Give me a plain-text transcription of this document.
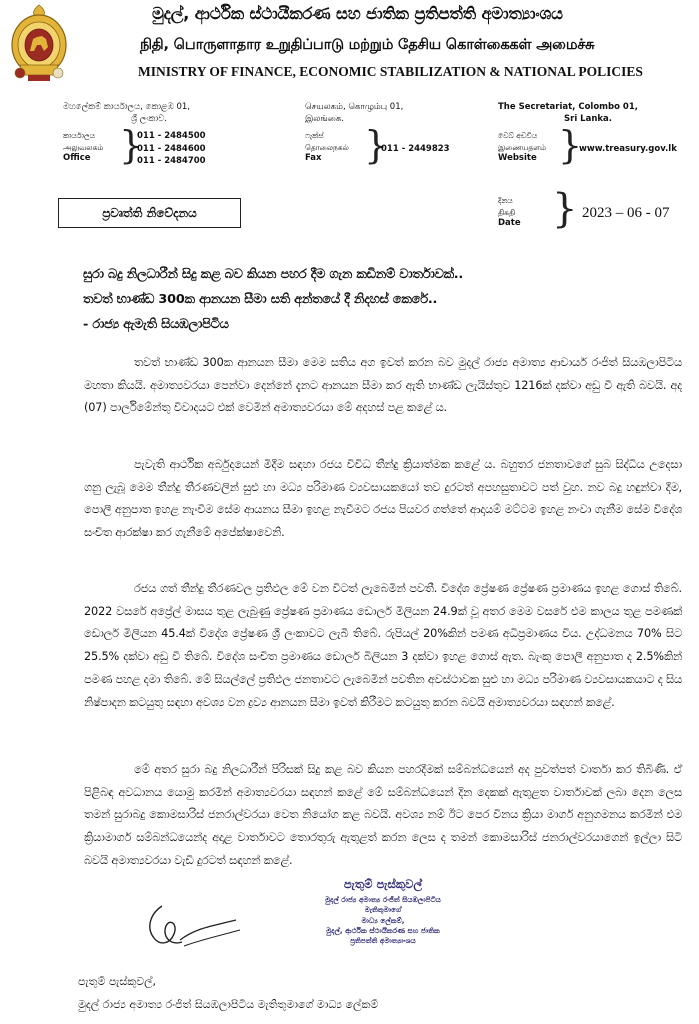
මුදල්, ආර්ථික ස්ථායීකරණ සහ ජාතික ප්‍රතිපත්ති අමාත්‍යාංශය
நிதி, பொருளாதார உறுதிப்பாடு மற்றும் தேசிய கொள்கைகள் அமைச்சு
MINISTRY OF FINANCE, ECONOMIC STABILIZATION & NATIONAL POLICIES
මහලේකම් කාර්යාලය, කොළඹ 01,
ශ්‍රී ලංකාව.
செயலகம், கொழும்பு 01,
இலங்கை.
The Secretariat, Colombo 01,
Sri Lanka.
කාර්යාලය
அலுவலகம்
Office }
011 - 2484500
011 - 2484600
011 - 2484700
ෆැක්ස්
தொலைநகல்
Fax	}
011 - 2449823
වෙබ් අඩවිය
இணையதளம்
Website }
www.treasury.gov.lk
ප්‍රවෘත්ති නිවේදනය
දිනය
திகதி
Date } 2023 – 06 - 07
සුරා බදු නිලධාරීන් සිදු කළ බව කියන පහර දීම ගැන කඩිනම් වාර්තාවක්..
තවත් භාණ්ඩ 300ක ආනයන සීමා සති අන්තයේ දී නිදහස් කෙරේ..
- රාජ්‍ය ඇමැති සියඹලාපිටිය
තවත් භාණ්ඩ 300ක ආනයන සීමා මෙම සතිය අග ඉවත් කරන බව මුදල් රාජ්‍ය අමාත්‍ය ආචාර්ය රංජිත් සියඹලාපිටිය මහතා කියයි. අමාත්‍යවරයා පෙන්වා දෙන්නේ දැනට ආනයන සීමා කර ඇති භාණ්ඩ ලැයිස්තුව 1216ක් දක්වා අඩු වී ඇති බවයි. අද (07) පාර්ලිමේන්තු විවාදයට එක් වෙමින් අමාත්‍යවරයා මේ අදහස් පළ කළේ ය.
පැවැති ආර්ථික අර්බුදයෙන් මිදීම සඳහා රජය විවිධ තීන්දු ක්‍රියාත්මක කළේ ය. බහුතර ජනතාවගේ සුබ සිද්ධිය උදෙසා ගනු ලැබූ මෙම තීන්දු තීරණවලින් සුළු හා මධ්‍ය පරිමාණ ව්‍යවසායකයෝ තව දුරටත් අපහසුතාවට පත් වුහ. නව බදු හඳුන්වා දීම, පොලී අනුපාත ඉහළ නැංවීම සේම ආයනය සීමා ඉහළ නැවීමට රජය පියවර ගත්තේ ආදායම් මට්ටම ඉහළ නංවා ගැනීම සේම විදේශ සංචිත ආරක්ෂා කර ගැනීමේ අපේක්ෂාවෙනි.
රජය ගත් තීන්දු තීරණවල ප්‍රතිඵල මේ වන විටත් ලැබෙමින් පවතී. විදේශ ප්‍රේෂණ ප්‍රේෂණ ප්‍රමාණය ඉහළ ගොස් තිබේ. 2022 වසරේ අප්‍රේල් මාසය තුළ ලැබුණු ප්‍රේෂණ ප්‍රමාණය ඩොලර් මිලියන 24.9ක් වූ අතර මෙම වසරේ එම කාලය තුළ පමණක් ඩොලර් මිලියන 45.4ක් විදේශ ප්‍රේෂණ ශ්‍රී ලංකාවට ලැබී තිබේ. රුපියල් 20%කින් පමණ අධිප්‍රමාණය විය. උද්ධමනය 70% සිට 25.5% දක්වා අඩු වී තිබේ. විදේශ සංචිත ප්‍රමාණය ඩොලර් බිලියන 3 දක්වා ඉහළ ගොස් ඇත. බැංකු පොලී අනුපාත ද 2.5%කින් පමණ පහළ දමා තිබේ. මේ සියල්ලේ ප්‍රතිඵල ජනතාවට ලැබෙමින් පවතින අවස්ථාවක සුළු හා මධ්‍ය පරිමාණ ව්‍යවසායකයාට ද සිය නිෂ්පාදන කටයුතු සඳහා අවශ්‍ය වන ද්‍රව්‍ය ආනයන සීමා ඉවත් කිරීමට කටයුතු කරන බවයි අමාත්‍යවරයා සඳහන් කළේ.
මේ අතර සුරා බදු නිලධාරීන් පිරිසක් සිදු කළ බව කියන පහරදීමක් සම්බන්ධයෙන් අද පුවත්පත් වාර්තා කර තිබිණි. ඒ පිළිබඳ අවධානය යොමු කරමින් අමාත්‍යවරයා සඳහන් කළේ මේ සම්බන්ධයෙන් දින දෙකක් ඇතුළත වාර්තාවක් ලබා දෙන ලෙස තමන් සුරාබදු කොමසාරිස් ජනරාල්වරයා වෙත නියෝග කළ බවයි. අවශ්‍ය නම් ඊට පෙර විනය ක්‍රියා මාර්ග අනුගමනය කරමින් එම ක්‍රියාමාර්ග සම්බන්ධයෙන්ද අදාළ වාර්තාවට තොරතුරු ඇතුළත් කරන ලෙස ද තමන් කොමසාරිස් ජනරාල්වරයාගෙන් ඉල්ලා සිටි බවයි අමාත්‍යවරයා වැඩි දුරටත් සඳහන් කළේ.
පැතුම් පැස්කුවල්
මුදල් රාජ්‍ය අමාත්‍ය රංජිත් සියඹලාපිටිය
මැතිතුමාගේ
මාධ්‍ය ලේකම්,
මුදල්, ආර්ථික ස්ථායීකරණ සහ ජාතික
ප්‍රතිපත්ති අමාත්‍යාංශය
පැතුම් පැස්කුවල්,
මුදල් රාජ්‍ය අමාත්‍ය රංජිත් සියඹලාපිටිය මැතිතුමාගේ මාධ්‍ය ලේකම්
